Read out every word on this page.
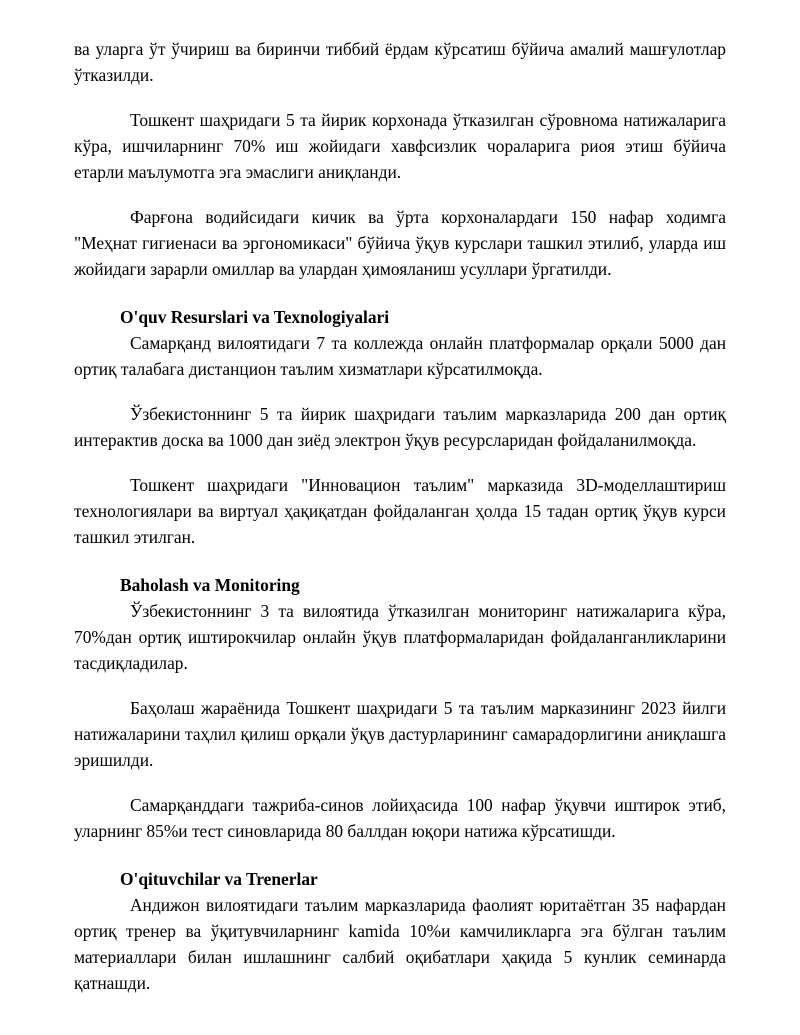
ва уларга ўт ўчириш ва биринчи тиббий ёрдам кўрсатиш бўйича амалий машғулотлар ўтказилди.

Тошкент шаҳридаги 5 та йирик корхонада ўтказилган сўровнома натижаларига кўра, ишчиларнинг 70% иш жойидаги хавфсизлик чораларига риоя этиш бўйича етарли маълумотга эга эмаслиги аниқланди.

Фарғона водийсидаги кичик ва ўрта корхоналардаги 150 нафар ходимга "Меҳнат гигиенаси ва эргономикаси" бўйича ўқув курслари ташкил этилиб, уларда иш жойидаги зарарли омиллар ва улардан ҳимояланиш усуллари ўргатилди.

O'quv Resurslari va Texnologiyalari

Самарқанд вилоятидаги 7 та коллежда онлайн платформалар орқали 5000 дан ортиқ талабага дистанцион таълим хизматлари кўрсатилмоқда.

Ўзбекистоннинг 5 та йирик шаҳридаги таълим марказларида 200 дан ортиқ интерактив доска ва 1000 дан зиёд электрон ўқув ресурсларидан фойдаланилмоқда.

Тошкент шаҳридаги "Инновацион таълим" марказида 3D-моделлаштириш технологиялари ва виртуал ҳақиқатдан фойдаланган ҳолда 15 тадан ортиқ ўқув курси ташкил этилган.

Baholash va Monitoring

Ўзбекистоннинг 3 та вилоятида ўтказилган мониторинг натижаларига кўра, 70%дан ортиқ иштирокчилар онлайн ўқув платформаларидан фойдаланганликларини тасдиқладилар.

Баҳолаш жараёнида Тошкент шаҳридаги 5 та таълим марказининг 2023 йилги натижаларини таҳлил қилиш орқали ўқув дастурларининг самарадорлигини аниқлашга эришилди.

Самарқанддаги тажриба-синов лойиҳасида 100 нафар ўқувчи иштирок этиб, уларнинг 85%и тест синовларида 80 баллдан юқори натижа кўрсатишди.

O'qituvchilar va Trenerlar

Андижон вилоятидаги таълим марказларида фаолият юритаётган 35 нафардан ортиқ тренер ва ўқитувчиларнинг kamida 10%и камчиликларга эга бўлган таълим материаллари билан ишлашнинг салбий оқибатлари ҳақида 5 кунлик семинарда қатнашди.
